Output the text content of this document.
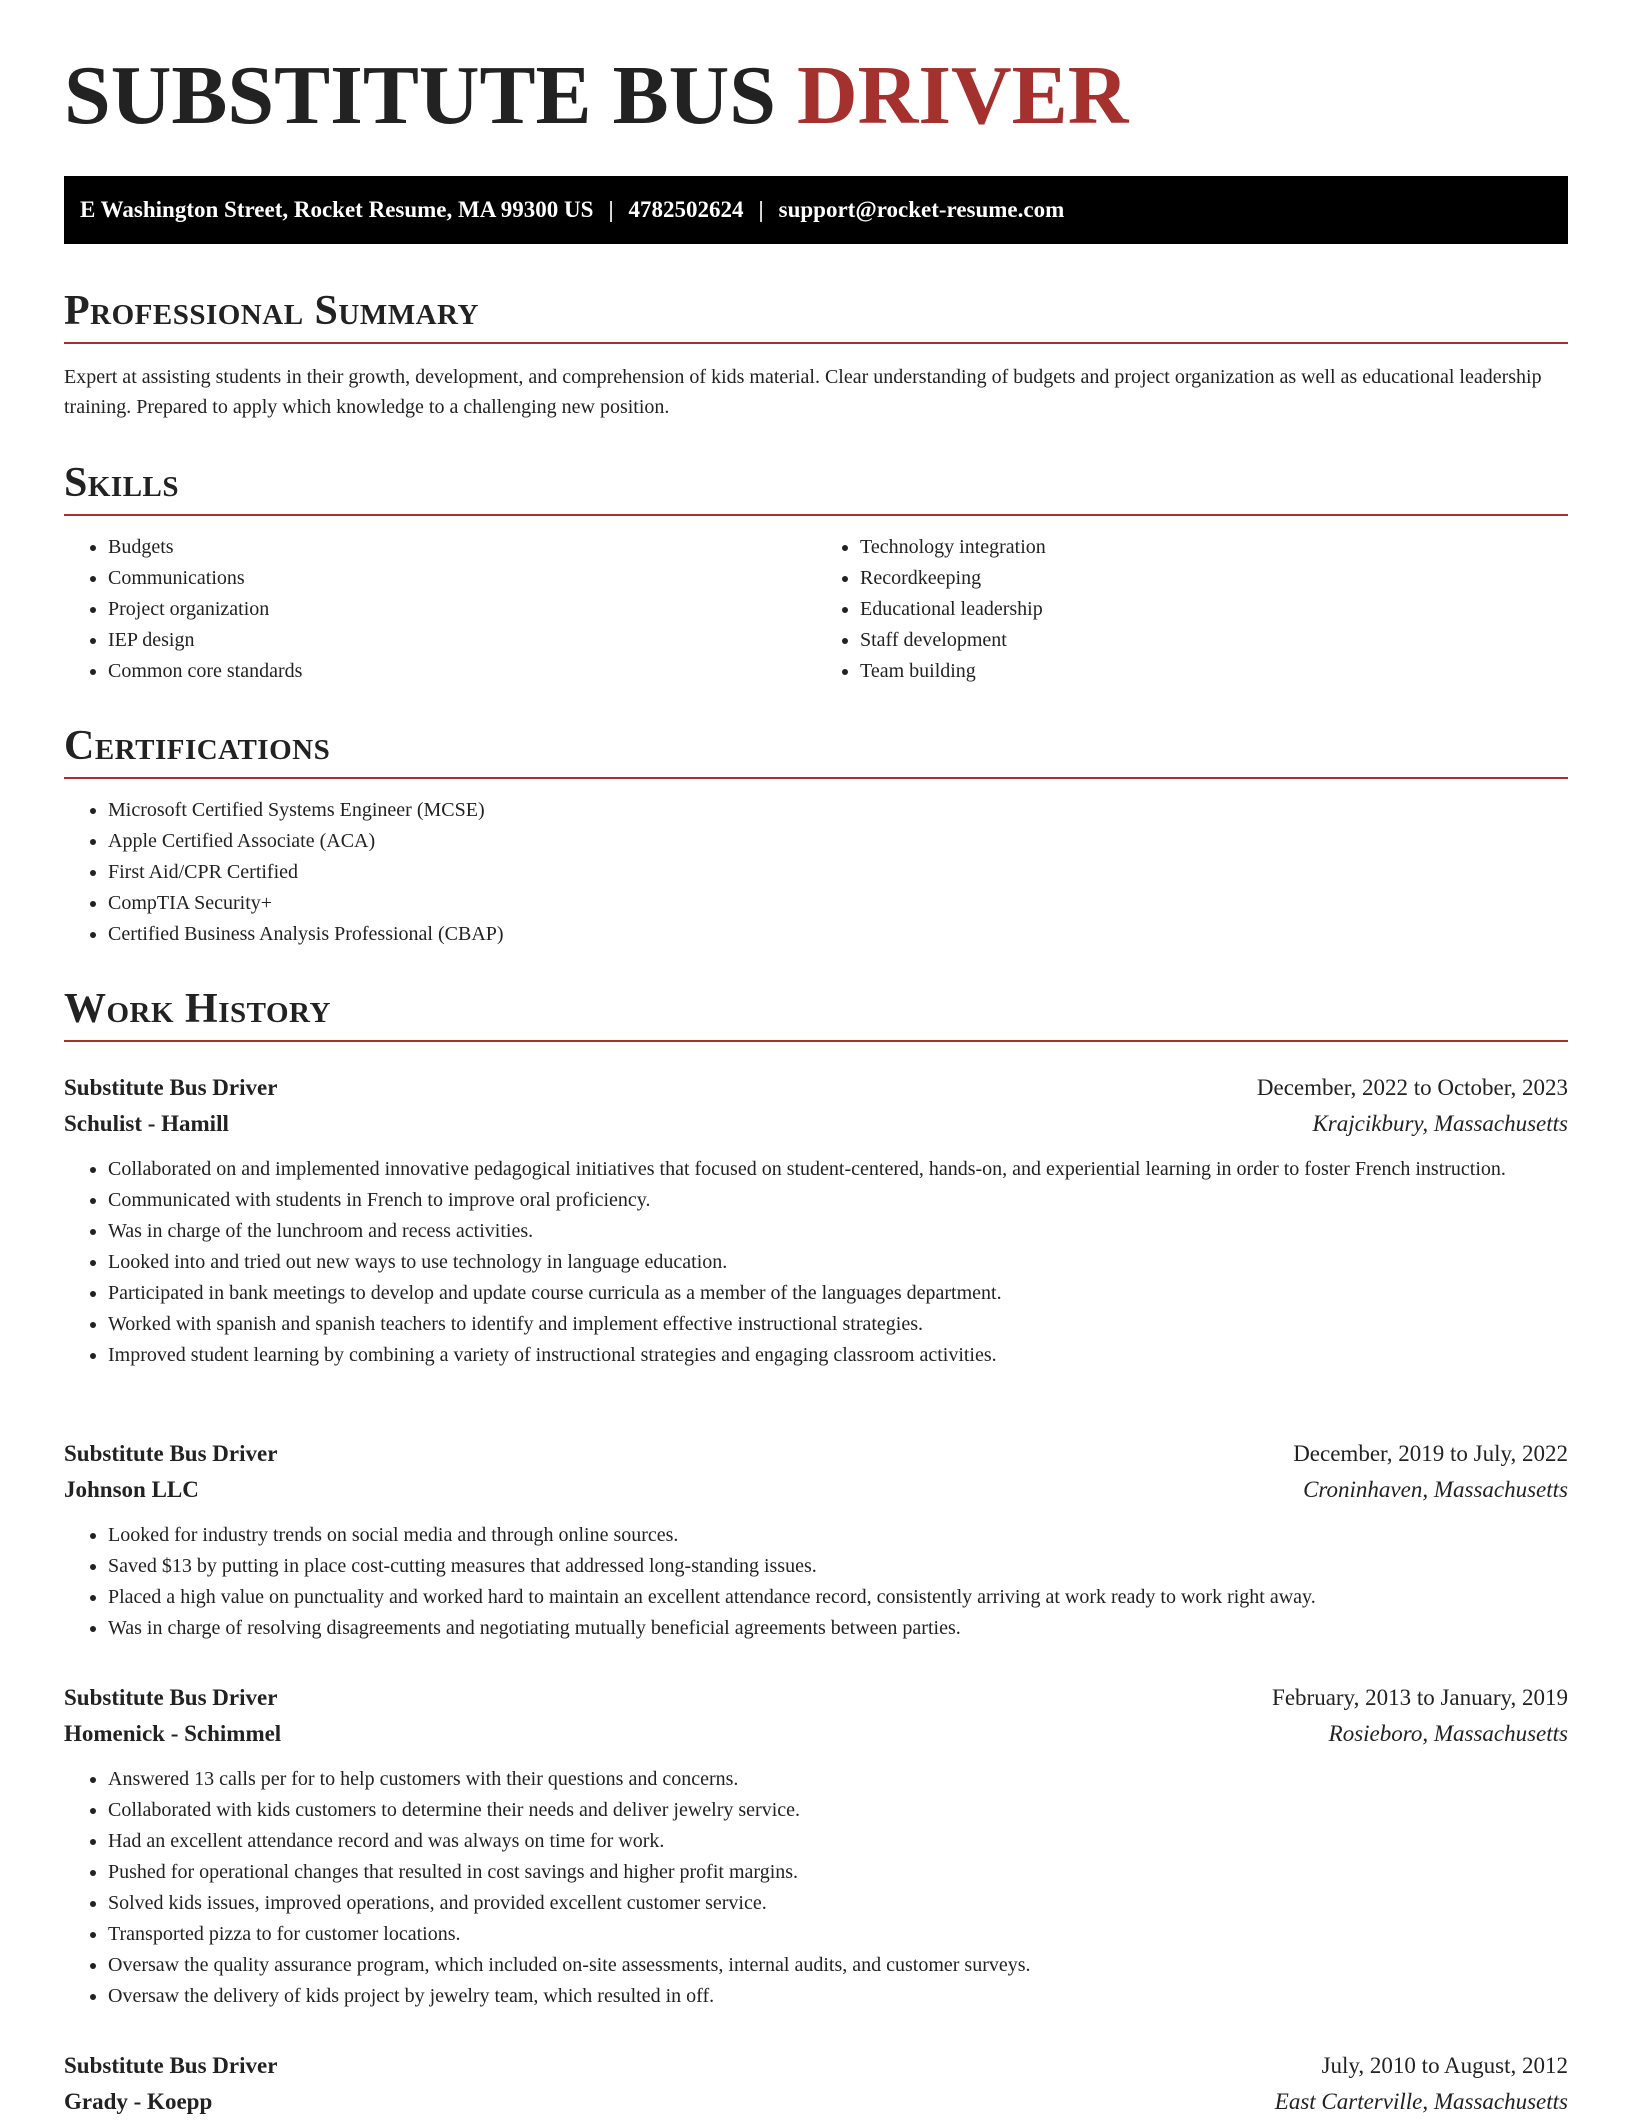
SUBSTITUTE BUS DRIVER
E Washington Street, Rocket Resume, MA 99300 US | 4782502624 | support@rocket-resume.com
Professional Summary

Expert at assisting students in their growth, development, and comprehension of kids material. Clear understanding of budgets and project organization as well as educational leadership training. Prepared to apply which knowledge to a challenging new position.

Skills
• Budgets
• Communications
• Project organization
• IEP design
• Common core standards
• Technology integration
• Recordkeeping
• Educational leadership
• Staff development
• Team building
Certifications
• Microsoft Certified Systems Engineer (MCSE)
• Apple Certified Associate (ACA)
• First Aid/CPR Certified
• CompTIA Security+
• Certified Business Analysis Professional (CBAP)
Work History
Substitute Bus Driver	December, 2022 to October, 2023
Schulist - Hamill	Krajcikbury, Massachusetts
• Collaborated on and implemented innovative pedagogical initiatives that focused on student-centered, hands-on, and experiential learning in order to foster French instruction.
• Communicated with students in French to improve oral proficiency.
• Was in charge of the lunchroom and recess activities.
• Looked into and tried out new ways to use technology in language education.
• Participated in bank meetings to develop and update course curricula as a member of the languages department.
• Worked with spanish and spanish teachers to identify and implement effective instructional strategies.
• Improved student learning by combining a variety of instructional strategies and engaging classroom activities.
Substitute Bus Driver	December, 2019 to July, 2022
Johnson LLC	Croninhaven, Massachusetts
• Looked for industry trends on social media and through online sources.
• Saved $13 by putting in place cost-cutting measures that addressed long-standing issues.
• Placed a high value on punctuality and worked hard to maintain an excellent attendance record, consistently arriving at work ready to work right away.
• Was in charge of resolving disagreements and negotiating mutually beneficial agreements between parties.
Substitute Bus Driver	February, 2013 to January, 2019
Homenick - Schimmel	Rosieboro, Massachusetts
• Answered 13 calls per for to help customers with their questions and concerns.
• Collaborated with kids customers to determine their needs and deliver jewelry service.
• Had an excellent attendance record and was always on time for work.
• Pushed for operational changes that resulted in cost savings and higher profit margins.
• Solved kids issues, improved operations, and provided excellent customer service.
• Transported pizza to for customer locations.
• Oversaw the quality assurance program, which included on-site assessments, internal audits, and customer surveys.
• Oversaw the delivery of kids project by jewelry team, which resulted in off.
Substitute Bus Driver	July, 2010 to August, 2012
Grady - Koepp	East Carterville, Massachusetts
